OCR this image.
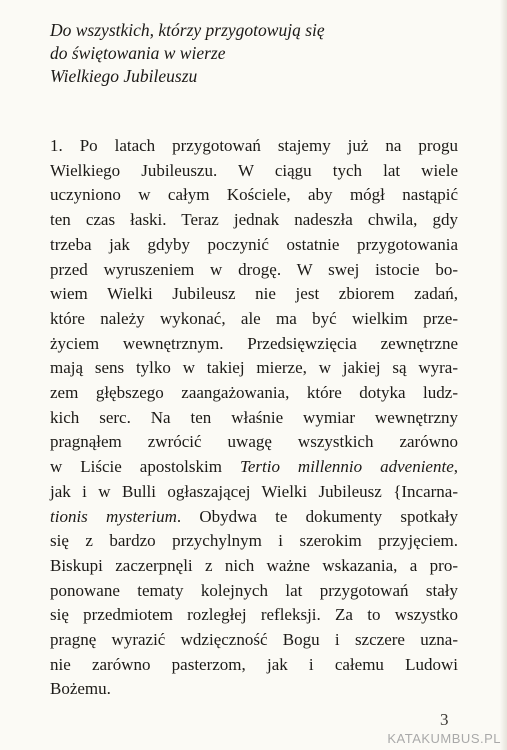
Do wszystkich, którzy przygotowują się
do świętowania w wierze
Wielkiego Jubileuszu
1. Po latach przygotowań stajemy już na progu
Wielkiego Jubileuszu. W ciągu tych lat wiele
uczyniono w całym Kościele, aby mógł nastąpić
ten czas łaski. Teraz jednak nadeszła chwila, gdy
trzeba jak gdyby poczynić ostatnie przygotowania
przed wyruszeniem w drogę. W swej istocie bo-
wiem Wielki Jubileusz nie jest zbiorem zadań,
które należy wykonać, ale ma być wielkim prze-
życiem wewnętrznym. Przedsięwzięcia zewnętrzne
mają sens tylko w takiej mierze, w jakiej są wyra-
zem głębszego zaangażowania, które dotyka ludz-
kich serc. Na ten właśnie wymiar wewnętrzny
pragnąłem zwrócić uwagę wszystkich zarówno
w Liście apostolskim Tertio millennio adveniente,
jak i w Bulli ogłaszającej Wielki Jubileusz {Incarna-
tionis mysterium. Obydwa te dokumenty spotkały
się z bardzo przychylnym i szerokim przyjęciem.
Biskupi zaczerpnęli z nich ważne wskazania, a pro-
ponowane tematy kolejnych lat przygotowań stały
się przedmiotem rozległej refleksji. Za to wszystko
pragnę wyrazić wdzięczność Bogu i szczere uzna-
nie zarówno pasterzom, jak i całemu Ludowi
Bożemu.
3
KATAKUMBUS.PL
